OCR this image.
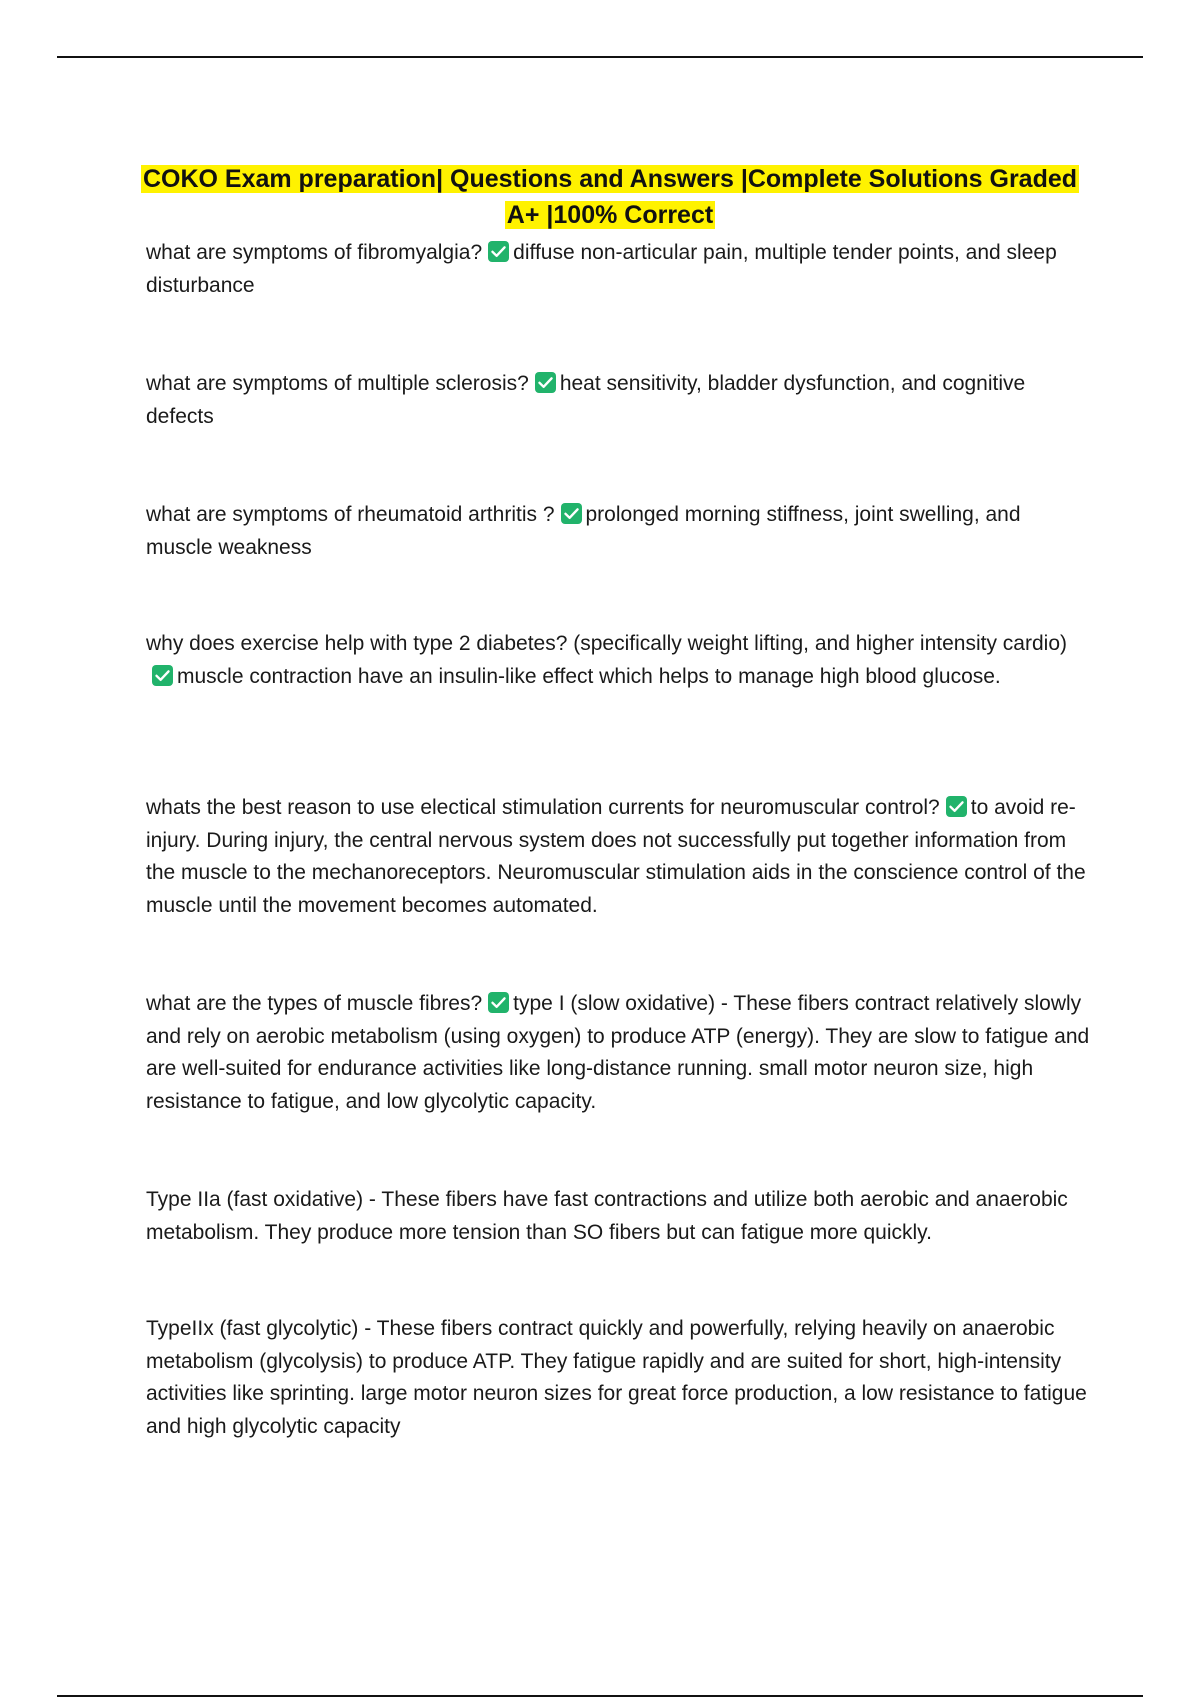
COKO Exam preparation| Questions and Answers |Complete Solutions Graded A+ |100% Correct

what are symptoms of fibromyalgia? diffuse non-articular pain, multiple tender points, and sleep disturbance

what are symptoms of multiple sclerosis? heat sensitivity, bladder dysfunction, and cognitive defects

what are symptoms of rheumatoid arthritis ? prolonged morning stiffness, joint swelling, and muscle weakness

why does exercise help with type 2 diabetes? (specifically weight lifting, and higher intensity cardio)
muscle contraction have an insulin-like effect which helps to manage high blood glucose.

whats the best reason to use electical stimulation currents for neuromuscular control? to avoid re-injury. During injury, the central nervous system does not successfully put together information from the muscle to the mechanoreceptors. Neuromuscular stimulation aids in the conscience control of the muscle until the movement becomes automated.

what are the types of muscle fibres? type I (slow oxidative) - These fibers contract relatively slowly and rely on aerobic metabolism (using oxygen) to produce ATP (energy). They are slow to fatigue and are well-suited for endurance activities like long-distance running. small motor neuron size, high resistance to fatigue, and low glycolytic capacity.

Type IIa (fast oxidative) - These fibers have fast contractions and utilize both aerobic and anaerobic metabolism. They produce more tension than SO fibers but can fatigue more quickly.

TypeIIx (fast glycolytic) - These fibers contract quickly and powerfully, relying heavily on anaerobic metabolism (glycolysis) to produce ATP. They fatigue rapidly and are suited for short, high-intensity activities like sprinting. large motor neuron sizes for great force production, a low resistance to fatigue and high glycolytic capacity
